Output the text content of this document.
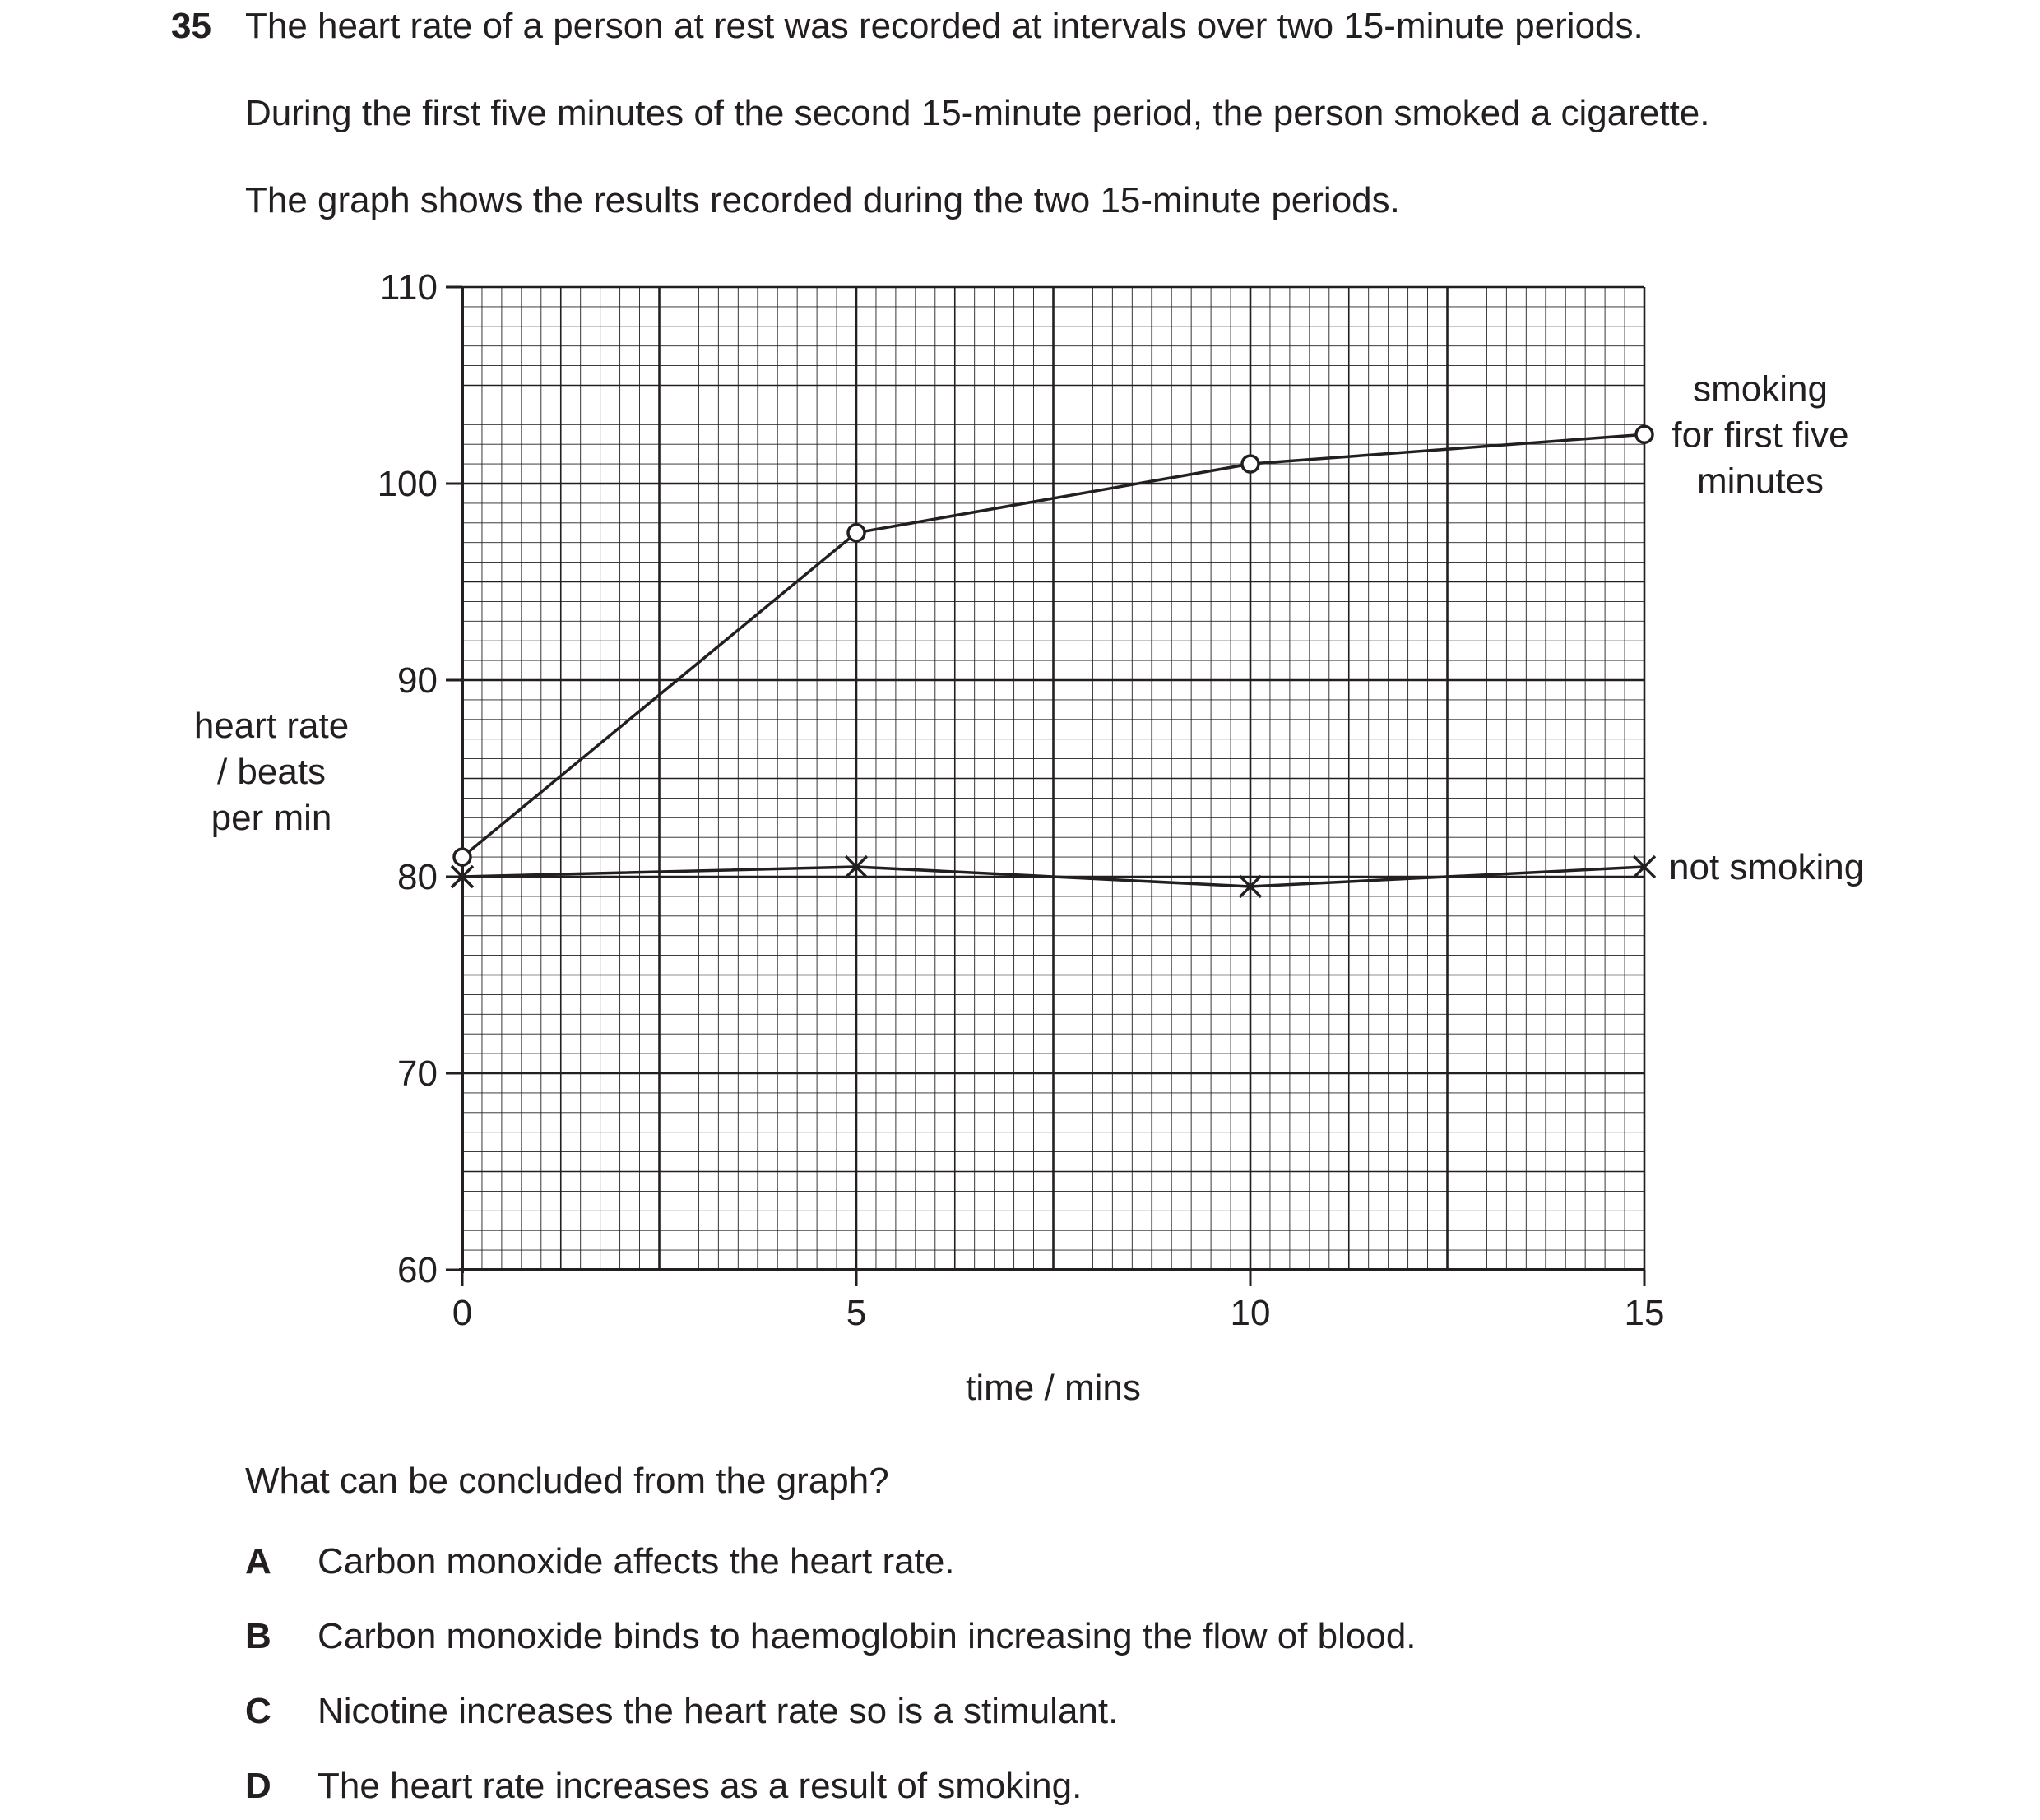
35 The heart rate of a person at rest was recorded at intervals over two 15-minute periods.
During the first five minutes of the second 15-minute period, the person smoked a cigarette.
The graph shows the results recorded during the two 15-minute periods.
heart rate
/ beats
per min
60
70
80
90
100
110
0	5	10	15
time / mins
smoking
for first five
minutes
not smoking
What can be concluded from the graph?
A Carbon monoxide affects the heart rate.
B Carbon monoxide binds to haemoglobin increasing the flow of blood.
C Nicotine increases the heart rate so is a stimulant.
D The heart rate increases as a result of smoking.
